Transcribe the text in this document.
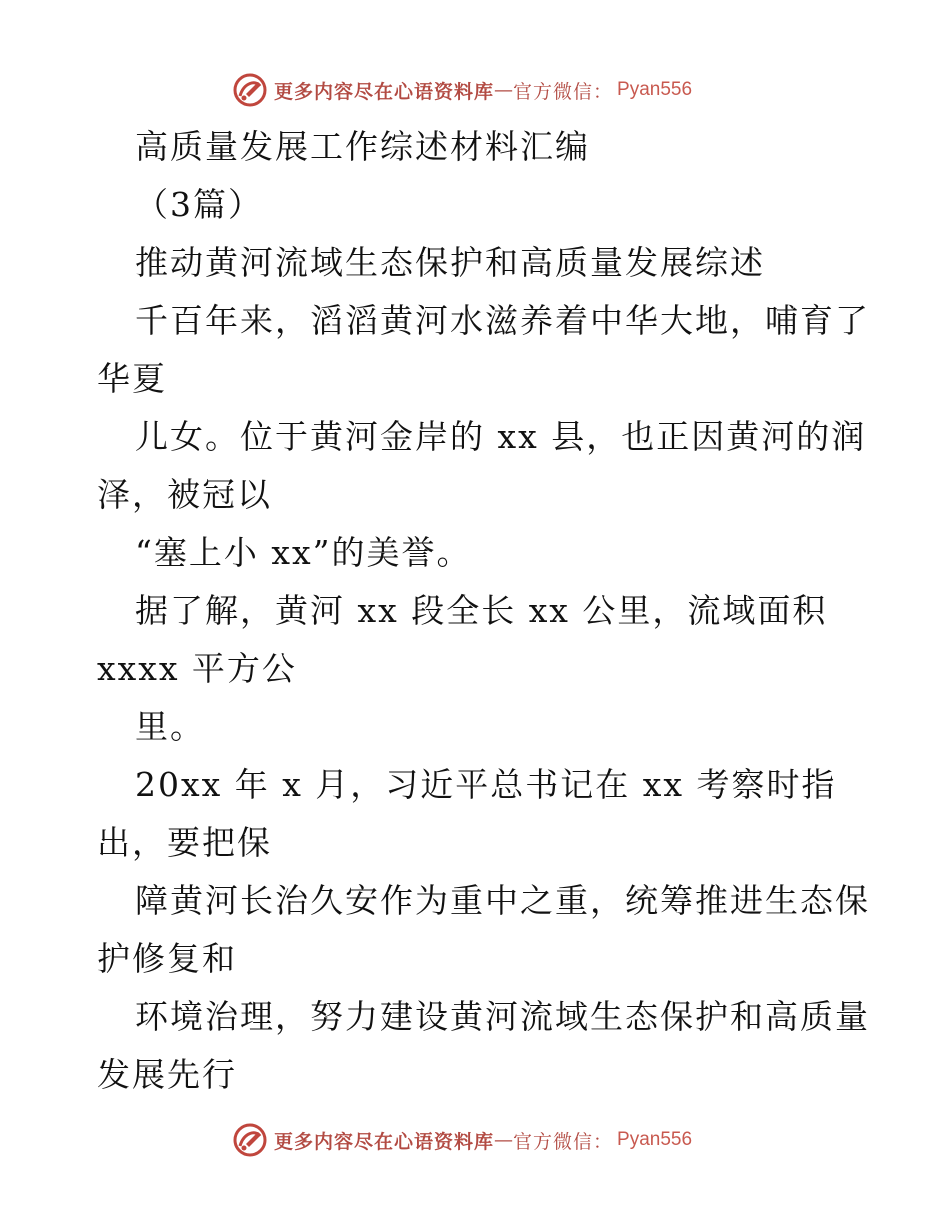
更多内容尽在心语资料库 — 官方微信： Pyan556
高质量发展工作综述材料汇编
（3篇）
推动黄河流域生态保护和高质量发展综述
千百年来，滔滔黄河水滋养着中华大地，哺育了
华夏
儿女。位于黄河金岸的 xx 县，也正因黄河的润
泽，被冠以
“塞上小 xx”的美誉。
据了解，黄河 xx 段全长 xx 公里，流域面积
xxxx 平方公
里。
20xx 年 x 月，习近平总书记在 xx 考察时指
出，要把保
障黄河长治久安作为重中之重，统筹推进生态保
护修复和
环境治理，努力建设黄河流域生态保护和高质量
发展先行
更多内容尽在心语资料库 — 官方微信： Pyan556
